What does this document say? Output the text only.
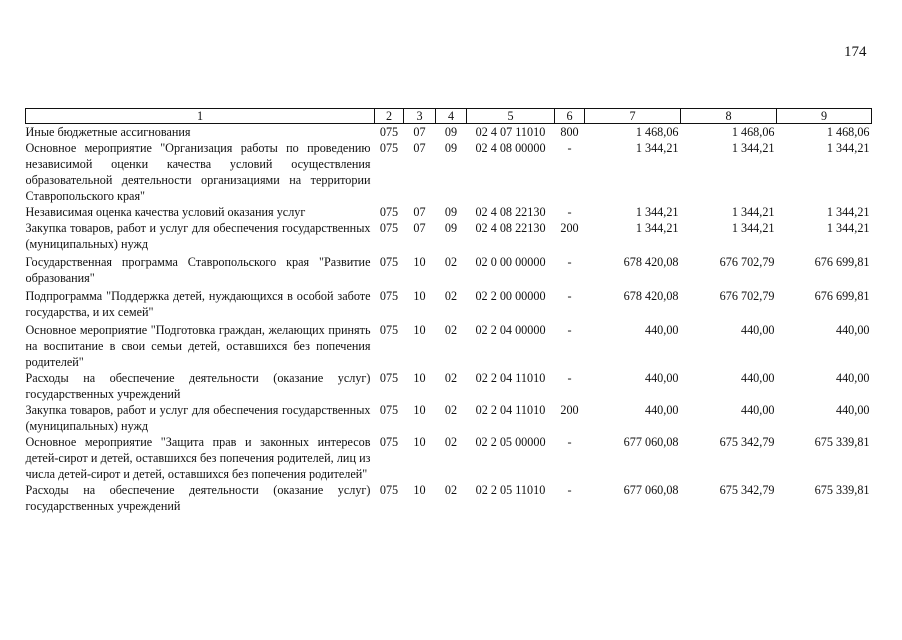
174
1	2	3	4	5	6	7	8	9
Иные бюджетные ассигнования	075	07	09	02 4 07 11010	800	1 468,06	1 468,06	1 468,06
Основное мероприятие "Организация работы по проведению независимой оценки качества условий осуществления образовательной деятельности организациями на территории Ставропольского края"	075	07	09	02 4 08 00000	-	1 344,21	1 344,21	1 344,21
Независимая оценка качества условий оказания услуг	075	07	09	02 4 08 22130	-	1 344,21	1 344,21	1 344,21
Закупка товаров, работ и услуг для обеспечения государственных (муниципальных) нужд	075	07	09	02 4 08 22130	200	1 344,21	1 344,21	1 344,21
Государственная программа Ставропольского края "Развитие образования"	075	10	02	02 0 00 00000	-	678 420,08	676 702,79	676 699,81
Подпрограмма "Поддержка детей, нуждающихся в особой заботе государства, и их семей"	075	10	02	02 2 00 00000	-	678 420,08	676 702,79	676 699,81
Основное мероприятие "Подготовка граждан, желающих принять на воспитание в свои семьи детей, оставшихся без попечения родителей"	075	10	02	02 2 04 00000	-	440,00	440,00	440,00
Расходы на обеспечение деятельности (оказание услуг) государственных учреждений	075	10	02	02 2 04 11010	-	440,00	440,00	440,00
Закупка товаров, работ и услуг для обеспечения государственных (муниципальных) нужд	075	10	02	02 2 04 11010	200	440,00	440,00	440,00
Основное мероприятие "Защита прав и законных интересов детей-сирот и детей, оставшихся без попечения родителей, лиц из числа детей-сирот и детей, оставшихся без попечения родителей"	075	10	02	02 2 05 00000	-	677 060,08	675 342,79	675 339,81
Расходы на обеспечение деятельности (оказание услуг) государственных учреждений	075	10	02	02 2 05 11010	-	677 060,08	675 342,79	675 339,81
